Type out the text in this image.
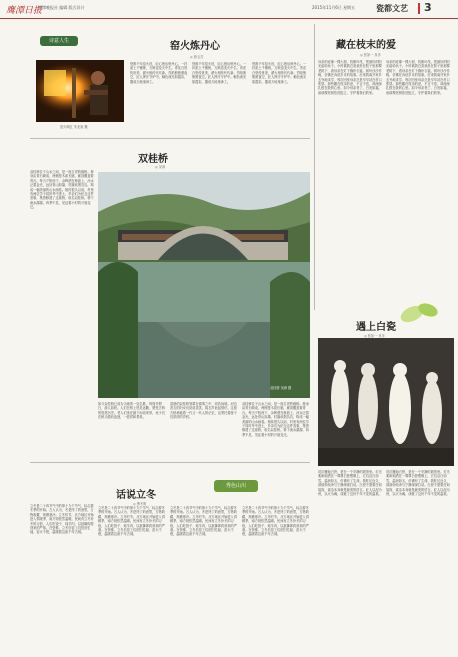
鹰潭日报
鹰潭晚报社 编辑 版式设计	2015年11月6日 星期五	瓷都文艺 3
诗意人生	窑火炼丹心
◎ 熊玉芳
窑火映红 朱北泉 摄
瓷都千年窑火旺，匠心独运炼丹心。一抔泥土千锤炼，万般窑变火中生。青花白瓷传世美，薪火相传代代新。烈焰熊熊照夜空，匠人挥汗守炉中。釉色流光如霞彩，器成天地鬼神工。
瓷都千年窑火旺，匠心独运炼丹心。一抔泥土千锤炼，万般窑变火中生。青花白瓷传世美，薪火相传代代新。烈焰熊熊照夜空，匠人挥汗守炉中。釉色流光如霞彩，器成天地鬼神工。
瓷都千年窑火旺，匠心独运炼丹心。一抔泥土千锤炼，万般窑变火中生。青花白瓷传世美，薪火相传代代新。烈焰熊熊照夜空，匠人挥汗守炉中。釉色流光如霞彩，器成天地鬼神工。
藏在枝末的爱
◎ 张如一 肖彦
母亲的爱像一棵大树，枝繁叶茂，把最好的阳光留给孩子。小时候我总喜欢坐在院子里那棵老树下，看母亲在灯下缝补衣裳。树叶沙沙作响，仿佛在诉说岁月的故事。后来我离开家乡去外地求学，每次回家母亲总是早早站在村口张望。那些藏在枝末的爱，不言不语，却深深扎根在我的心里。如今母亲老了，白发如霜，而那棵老树依旧挺立，守护着我们的家。
母亲的爱像一棵大树，枝繁叶茂，把最好的阳光留给孩子。小时候我总喜欢坐在院子里那棵老树下，看母亲在灯下缝补衣裳。树叶沙沙作响，仿佛在诉说岁月的故事。后来我离开家乡去外地求学，每次回家母亲总是早早站在村口张望。那些藏在枝末的爱，不言不语，却深深扎根在我的心里。如今母亲老了，白发如霜，而那棵老树依旧挺立，守护着我们的家。
双桂桥
◎ 吴涛
双桂桥位于山水之间，是一座古老的廊桥。桥身由青石砌成，两侧是木质长廊，廊顶覆盖着青瓦。每当夕阳西下，余晖洒在桥面上，河水泛着金光，远处青山如黛，村落炊烟袅袅，构成一幅美丽的山水画卷。相传很久以前，村里有两位学子同时考中进士，乡亲们为纪念这件喜事，集资修建了这座桥，取名双桂桥。桥下流水潺潺，四季不息，见证着小村的兴衰变迁。
双桂桥 吴涛 摄
如今双桂桥已成为当地的一处名胜，每逢节假日，游人如织。人们在桥上驻足远眺，感受古桥的悠悠历史。老人们坐在廊下闲话家常，孩子们在桥头嬉戏追逐，一派祥和景象。
清晨的双桂桥笼罩在薄雾之中，宛若仙境。河边洗衣的妇女们说说笑笑，捣衣声此起彼伏。这座古桥承载着一代又一代人的记忆，也寄托着游子们浓浓的乡愁。
双桂桥位于山水之间，是一座古老的廊桥。桥身由青石砌成，两侧是木质长廊，廊顶覆盖着青瓦。每当夕阳西下，余晖洒在桥面上，河水泛着金光，远处青山如黛，村落炊烟袅袅，构成一幅美丽的山水画卷。相传很久以前，村里有两位学子同时考中进士，乡亲们为纪念这件喜事，集资修建了这座桥，取名双桂桥。桥下流水潺潺，四季不息，见证着小村的兴衰变迁。
话说立冬
◎ 曹冬明
秀色山川
立冬是二十四节气中的第十九个节气，标志着冬季的开始。古人认为，冬是终了的意思，万物收藏，规避寒冷。立冬时节，北方地区开始进入供暖季，南方则依然温暖。民间有立冬补冬的习俗，人们吃饺子、炖羊肉，以抵御即将到来的严寒。在瓷都，立冬后窑工们依旧忙碌，窑火不熄，温暖着这座千年古城。
立冬是二十四节气中的第十九个节气，标志着冬季的开始。古人认为，冬是终了的意思，万物收藏，规避寒冷。立冬时节，北方地区开始进入供暖季，南方则依然温暖。民间有立冬补冬的习俗，人们吃饺子、炖羊肉，以抵御即将到来的严寒。在瓷都，立冬后窑工们依旧忙碌，窑火不熄，温暖着这座千年古城。
立冬是二十四节气中的第十九个节气，标志着冬季的开始。古人认为，冬是终了的意思，万物收藏，规避寒冷。立冬时节，北方地区开始进入供暖季，南方则依然温暖。民间有立冬补冬的习俗，人们吃饺子、炖羊肉，以抵御即将到来的严寒。在瓷都，立冬后窑工们依旧忙碌，窑火不熄，温暖着这座千年古城。
立冬是二十四节气中的第十九个节气，标志着冬季的开始。古人认为，冬是终了的意思，万物收藏，规避寒冷。立冬时节，北方地区开始进入供暖季，南方则依然温暖。民间有立冬补冬的习俗，人们吃饺子、炖羊肉，以抵御即将到来的严寒。在瓷都，立冬后窑工们依旧忙碌，窑火不熄，温暖着这座千年古城。
遇上白瓷
◎ 张如一 肖彦
初次邂逅白瓷，是在一个安静的展馆里。灯光柔和地洒在一尊尊白瓷塑像上，它们洁白如雪，温润如玉，仿佛有了生命。我驻足良久，被那份纯净与宁静深深打动。白瓷不需要任何装饰，素洁本身就是最美的语言。匠人以泥为骨，以火为魂，成就了这份千年不变的温柔。
初次邂逅白瓷，是在一个安静的展馆里。灯光柔和地洒在一尊尊白瓷塑像上，它们洁白如雪，温润如玉，仿佛有了生命。我驻足良久，被那份纯净与宁静深深打动。白瓷不需要任何装饰，素洁本身就是最美的语言。匠人以泥为骨，以火为魂，成就了这份千年不变的温柔。
